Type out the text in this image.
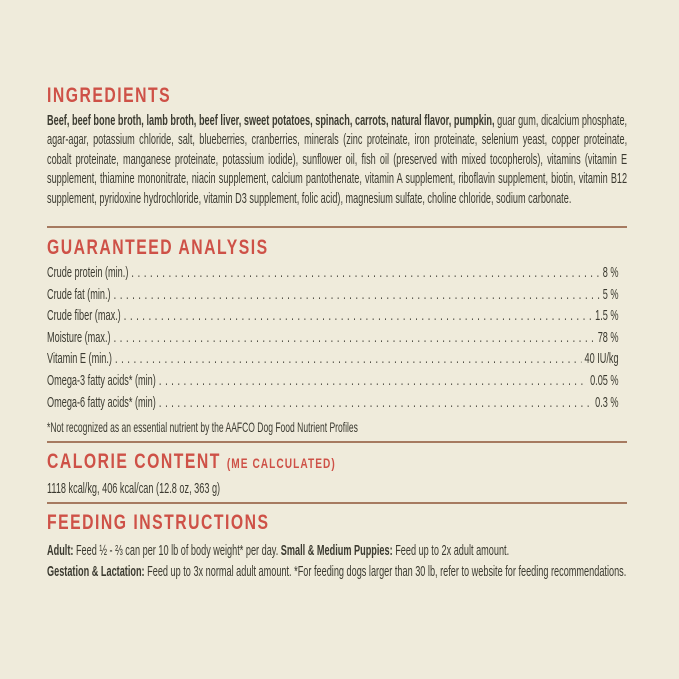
INGREDIENTS

Beef, beef bone broth, lamb broth, beef liver, sweet potatoes, spinach, carrots, natural flavor, pumpkin, guar gum, dicalcium phosphate, agar-agar, potassium chloride, salt, blueberries, cranberries, minerals (zinc proteinate, iron proteinate, selenium yeast, copper proteinate, cobalt proteinate, manganese proteinate, potassium iodide), sunflower oil, fish oil (preserved with mixed tocopherols), vitamins (vitamin E supplement, thiamine mononitrate, niacin supplement, calcium pantothenate, vitamin A supplement, riboflavin supplement, biotin, vitamin B12 supplement, pyridoxine hydrochloride, vitamin D3 supplement, folic acid), magnesium sulfate, choline chloride, sodium carbonate.

GUARANTEED ANALYSIS
Crude protein (min.) .....	8 %
Crude fat (min.) .....	5 %
Crude fiber (max.) .....	1.5 %
Moisture (max.) .....	78 %
Vitamin E (min.) .....	40 IU/kg
Omega-3 fatty acids* (min) .....	0.05 %
Omega-6 fatty acids* (min) .....	0.3 %
*Not recognized as an essential nutrient by the AAFCO Dog Food Nutrient Profiles
CALORIE CONTENT (ME CALCULATED)

1118 kcal/kg, 406 kcal/can (12.8 oz, 363 g)

FEEDING INSTRUCTIONS
Adult: Feed ½ - ⅔ can per 10 lb of body weight* per day. Small & Medium Puppies: Feed up to 2x adult amount.
Gestation & Lactation: Feed up to 3x normal adult amount. *For feeding dogs larger than 30 lb, refer to website for feeding recommendations.
